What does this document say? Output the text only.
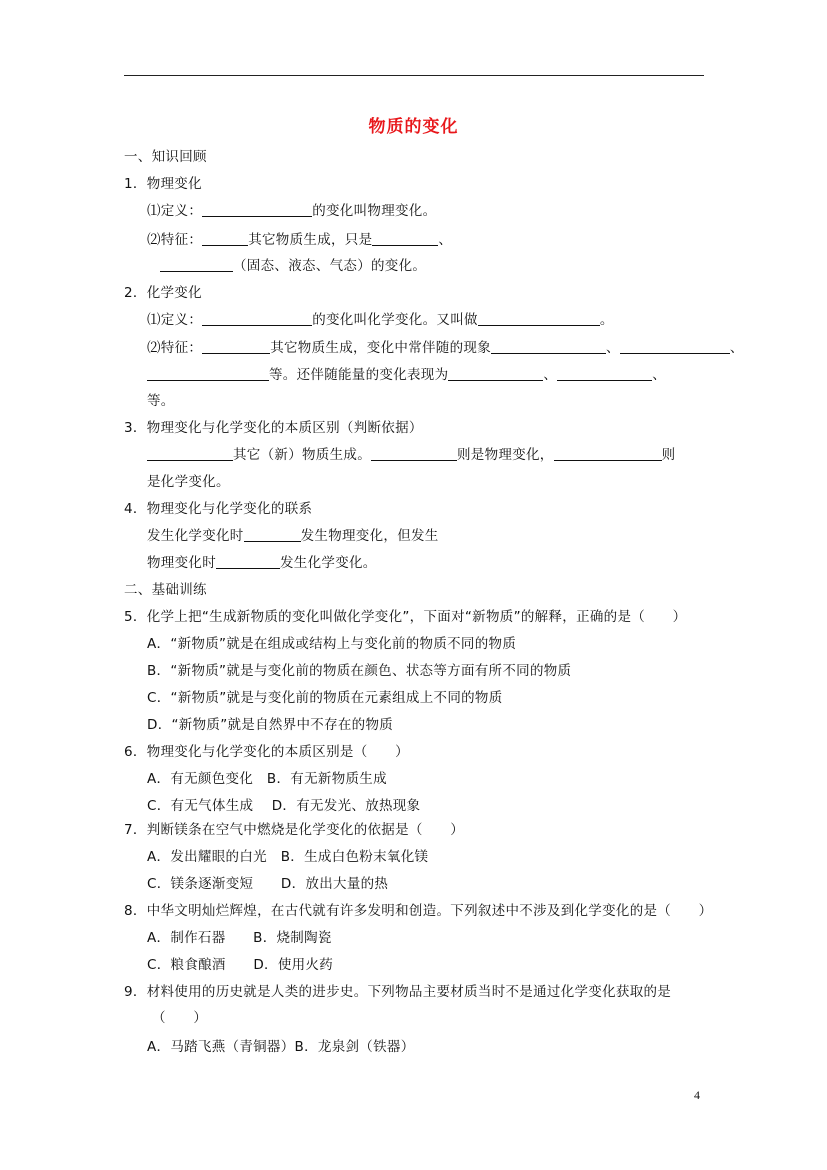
物质的变化
一、知识回顾
1．物理变化
⑴定义：	的变化叫物理变化。
⑵特征：	其它物质生成，只是	、
（固态、液态、气态）的变化。
2．化学变化
⑴定义：	的变化叫化学变化。又叫做	。
⑵特征：	其它物质生成，变化中常伴随的现象	、	、
等。还伴随能量的变化表现为	、	、
等。
3．物理变化与化学变化的本质区别（判断依据）
其它（新）物质生成。	则是物理变化，	则
是化学变化。
4．物理变化与化学变化的联系
发生化学变化时	发生物理变化，但发生
物理变化时	发生化学变化。
二、基础训练
5．化学上把“生成新物质的变化叫做化学变化”，下面对“新物质”的解释，正确的是（　　）
A．“新物质”就是在组成或结构上与变化前的物质不同的物质
B．“新物质”就是与变化前的物质在颜色、状态等方面有所不同的物质
C．“新物质”就是与变化前的物质在元素组成上不同的物质
D．“新物质”就是自然界中不存在的物质
6．物理变化与化学变化的本质区别是（　　）
A．有无颜色变化　B．有无新物质生成
C．有无气体生成　 D．有无发光、放热现象
7．判断镁条在空气中燃烧是化学变化的依据是（　　）
A．发出耀眼的白光　B．生成白色粉末氧化镁
C．镁条逐渐变短　　D．放出大量的热
8．中华文明灿烂辉煌，在古代就有许多发明和创造。下列叙述中不涉及到化学变化的是（　　）
A．制作石器　　B．烧制陶瓷
C．粮食酿酒　　D．使用火药
9．材料使用的历史就是人类的进步史。下列物品主要材质当时不是通过化学变化获取的是
（　　）
A．马踏飞燕（青铜器）B．龙泉剑（铁器）
4
